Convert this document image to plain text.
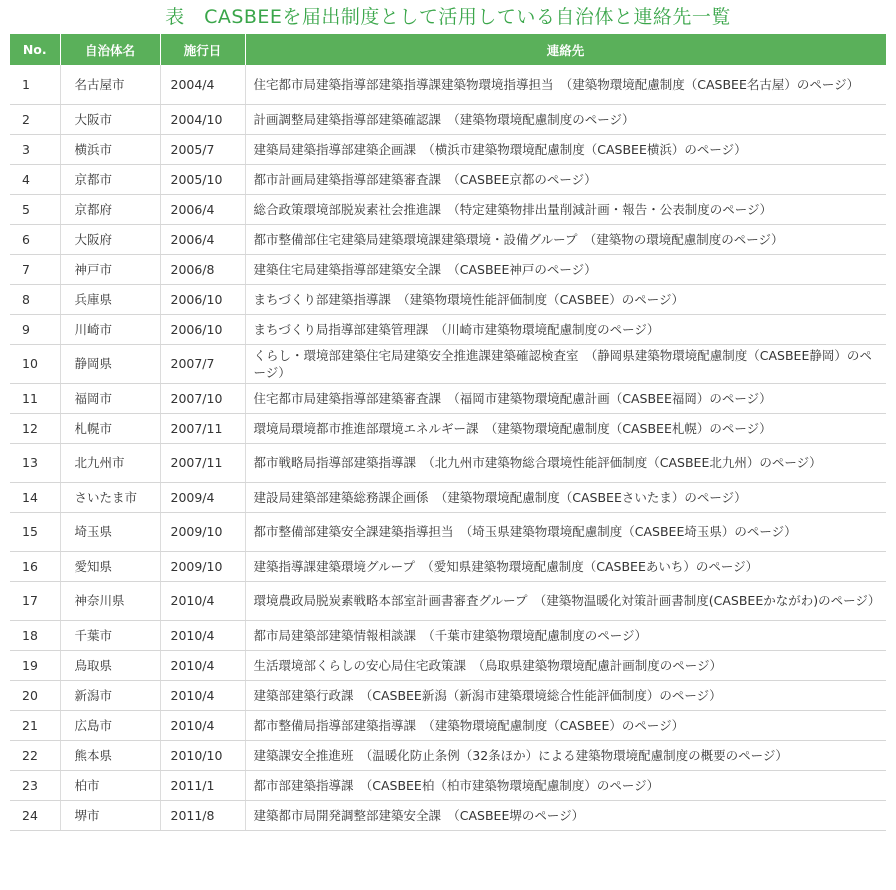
表　CASBEEを届出制度として活用している自治体と連絡先一覧
No.	自治体名	施行日	連絡先
1	名古屋市	2004/4	住宅都市局建築指導部建築指導課建築物環境指導担当　（建築物環境配慮制度（CASBEE名古屋）のページ）
2	大阪市	2004/10	計画調整局建築指導部建築確認課　（建築物環境配慮制度のページ）
3	横浜市	2005/7	建築局建築指導部建築企画課　（横浜市建築物環境配慮制度（CASBEE横浜）のページ）
4	京都市	2005/10	都市計画局建築指導部建築審査課　（CASBEE京都のページ）
5	京都府	2006/4	総合政策環境部脱炭素社会推進課　（特定建築物排出量削減計画・報告・公表制度のページ）
6	大阪府	2006/4	都市整備部住宅建築局建築環境課建築環境・設備グループ　（建築物の環境配慮制度のページ）
7	神戸市	2006/8	建築住宅局建築指導部建築安全課　（CASBEE神戸のページ）
8	兵庫県	2006/10	まちづくり部建築指導課　（建築物環境性能評価制度（CASBEE）のページ）
9	川崎市	2006/10	まちづくり局指導部建築管理課　（川崎市建築物環境配慮制度のページ）
10	静岡県	2007/7	くらし・環境部建築住宅局建築安全推進課建築確認検査室　（静岡県建築物環境配慮制度（CASBEE静岡）のページ）
11	福岡市	2007/10	住宅都市局建築指導部建築審査課　（福岡市建築物環境配慮計画（CASBEE福岡）のページ）
12	札幌市	2007/11	環境局環境都市推進部環境エネルギー課　（建築物環境配慮制度（CASBEE札幌）のページ）
13	北九州市	2007/11	都市戦略局指導部建築指導課　（北九州市建築物総合環境性能評価制度（CASBEE北九州）のページ）
14	さいたま市	2009/4	建設局建築部建築総務課企画係　（建築物環境配慮制度（CASBEEさいたま）のページ）
15	埼玉県	2009/10	都市整備部建築安全課建築指導担当　（埼玉県建築物環境配慮制度（CASBEE埼玉県）のページ）
16	愛知県	2009/10	建築指導課建築環境グループ　（愛知県建築物環境配慮制度（CASBEEあいち）のページ）
17	神奈川県	2010/4	環境農政局脱炭素戦略本部室計画書審査グループ　（建築物温暖化対策計画書制度(CASBEEかながわ)のページ）
18	千葉市	2010/4	都市局建築部建築情報相談課　（千葉市建築物環境配慮制度のページ）
19	鳥取県	2010/4	生活環境部くらしの安心局住宅政策課　（鳥取県建築物環境配慮計画制度のページ）
20	新潟市	2010/4	建築部建築行政課　（CASBEE新潟（新潟市建築環境総合性能評価制度）のページ）
21	広島市	2010/4	都市整備局指導部建築指導課　（建築物環境配慮制度（CASBEE）のページ）
22	熊本県	2010/10	建築課安全推進班　（温暖化防止条例（32条ほか）による建築物環境配慮制度の概要のページ）
23	柏市	2011/1	都市部建築指導課　（CASBEE柏（柏市建築物環境配慮制度）のページ）
24	堺市	2011/8	建築都市局開発調整部建築安全課　（CASBEE堺のページ）
